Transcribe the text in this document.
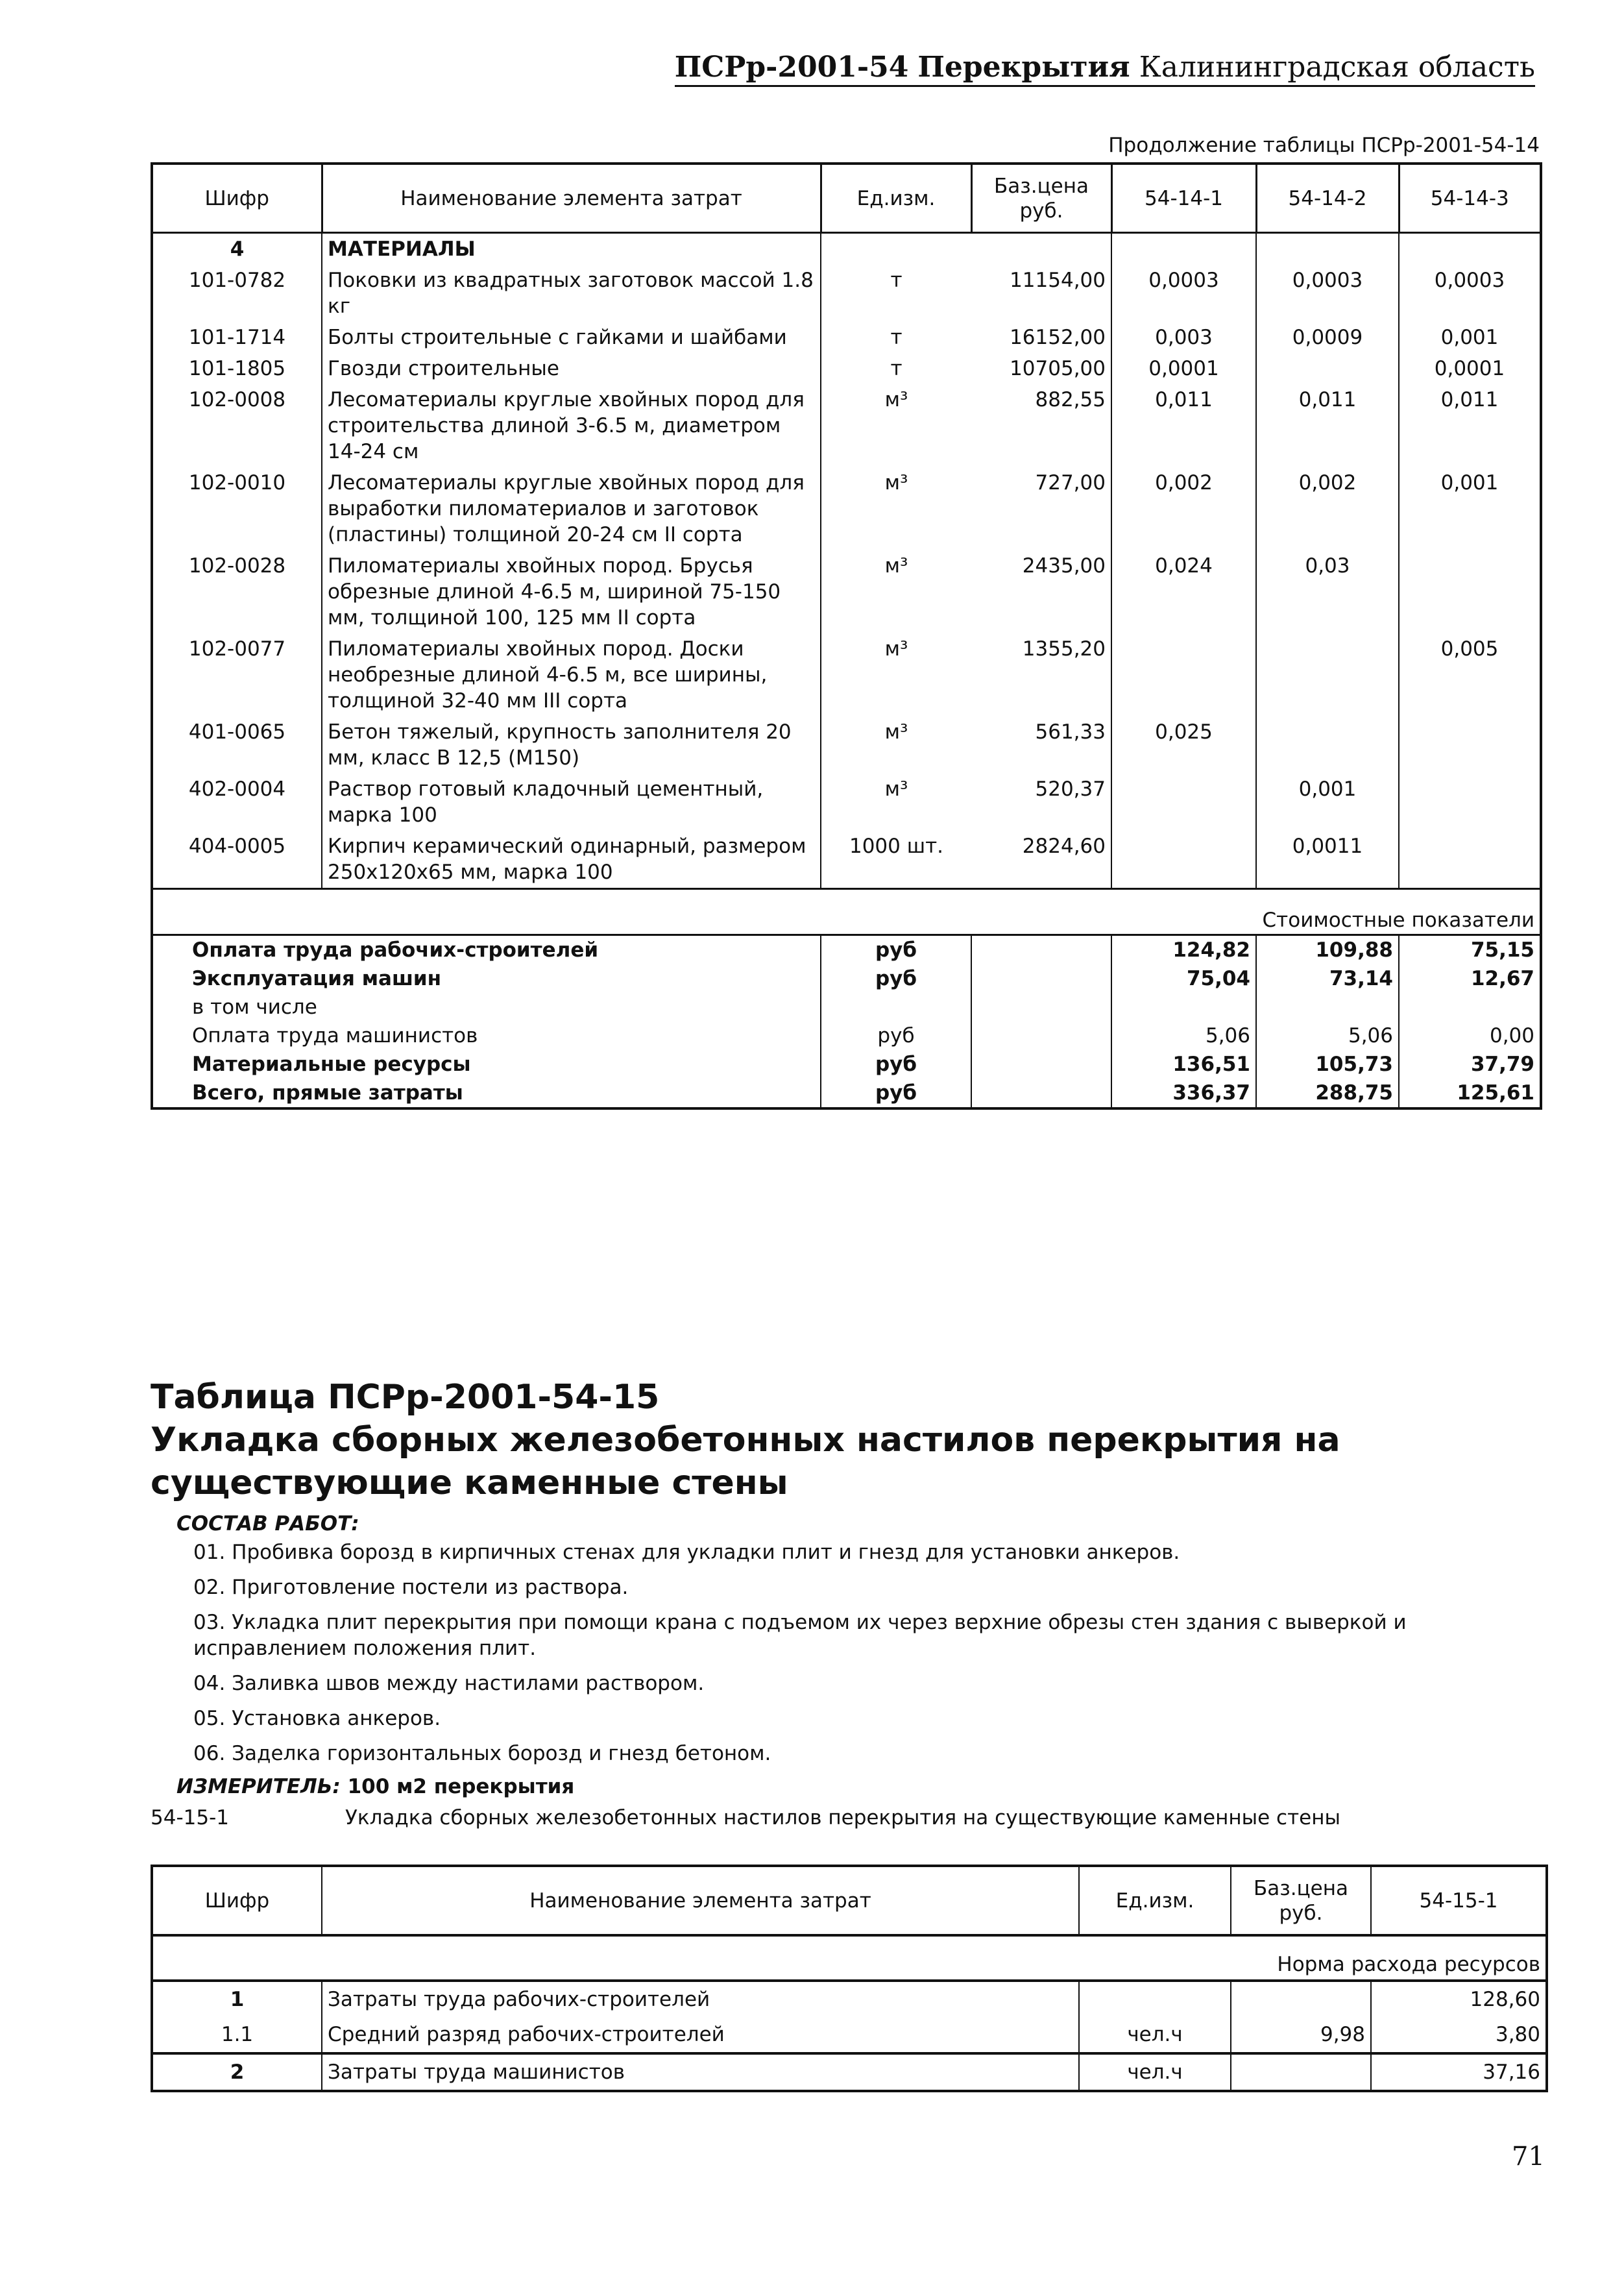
ПСРр-2001-54 Перекрытия Калининградская область
Продолжение таблицы ПСРр-2001-54-14
Шифр	Наименование элемента затрат	Ед.изм.	Баз.цена руб.	54-14-1	54-14-2	54-14-3
4	МАТЕРИАЛЫ					
101-0782	Поковки из квадратных заготовок массой 1.8 кг	т	11154,00	0,0003	0,0003	0,0003
101-1714	Болты строительные с гайками и шайбами	т	16152,00	0,003	0,0009	0,001
101-1805	Гвозди строительные	т	10705,00	0,0001		0,0001
102-0008	Лесоматериалы круглые хвойных пород для строительства длиной 3-6.5 м, диаметром 14-24 см	м³	882,55	0,011	0,011	0,011
102-0010	Лесоматериалы круглые хвойных пород для выработки пиломатериалов и заготовок (пластины) толщиной 20-24 см II сорта	м³	727,00	0,002	0,002	0,001
102-0028	Пиломатериалы хвойных пород. Брусья обрезные длиной 4-6.5 м, шириной 75-150 мм, толщиной 100, 125 мм II сорта	м³	2435,00	0,024	0,03	
102-0077	Пиломатериалы хвойных пород. Доски необрезные длиной 4-6.5 м, все ширины, толщиной 32-40 мм III сорта	м³	1355,20			0,005
401-0065	Бетон тяжелый, крупность заполнителя 20 мм, класс В 12,5 (М150)	м³	561,33	0,025		
402-0004	Раствор готовый кладочный цементный, марка 100	м³	520,37		0,001	
404-0005	Кирпич керамический одинарный, размером 250x120x65 мм, марка 100	1000 шт.	2824,60		0,0011	
Стоимостные показатели						
Оплата труда рабочих-строителей		руб		124,82	109,88	75,15
Эксплуатация машин		руб		75,04	73,14	12,67
в том числе						
Оплата труда машинистов		руб		5,06	5,06	0,00
Материальные ресурсы		руб		136,51	105,73	37,79
Всего, прямые затраты		руб		336,37	288,75	125,61
Таблица ПСРр-2001-54-15
Укладка сборных железобетонных настилов перекрытия на
существующие каменные стены
СОСТАВ РАБОТ:
01. Пробивка борозд в кирпичных стенах для укладки плит и гнезд для установки анкеров.
02. Приготовление постели из раствора.
03. Укладка плит перекрытия при помощи крана с подъемом их через верхние обрезы стен здания с выверкой и исправлением положения плит.
04. Заливка швов между настилами раствором.
05. Установка анкеров.
06. Заделка горизонтальных борозд и гнезд бетоном.
ИЗМЕРИТЕЛЬ: 100 м2 перекрытия
54-15-1	Укладка сборных железобетонных настилов перекрытия на существующие каменные стены
Шифр	Наименование элемента затрат	Ед.изм.	Баз.цена руб.	54-15-1
Норма расхода ресурсов				
1	Затраты труда рабочих-строителей			128,60
1.1	Средний разряд рабочих-строителей	чел.ч	9,98	3,80
2	Затраты труда машинистов	чел.ч		37,16
71
